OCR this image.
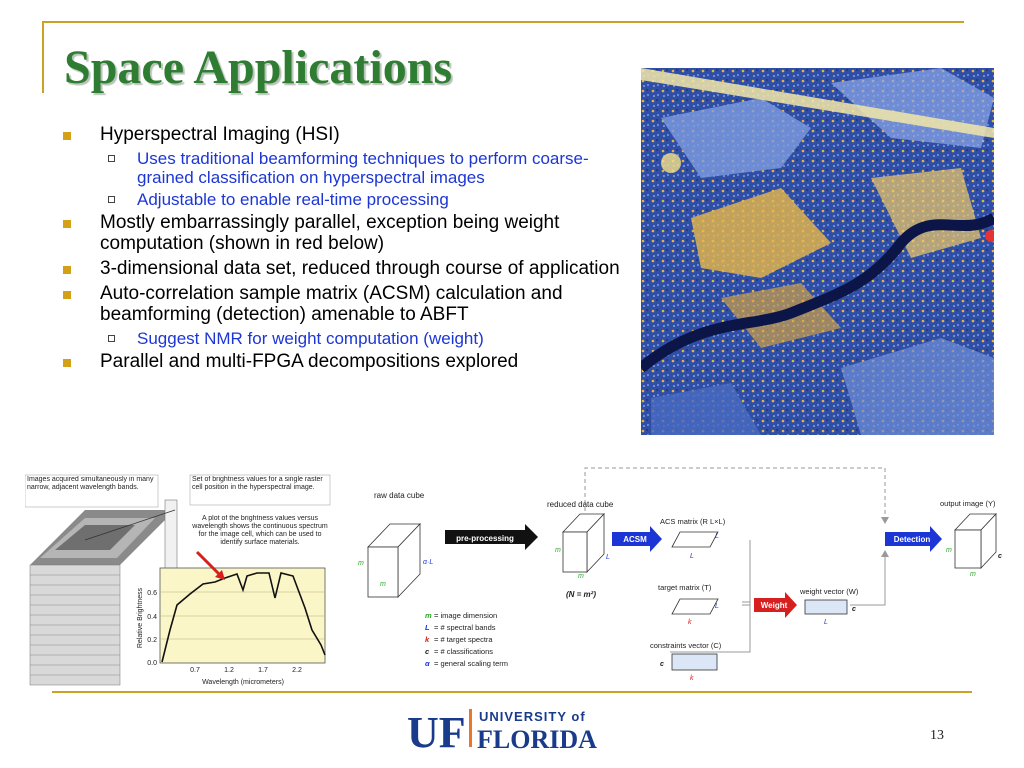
Space Applications
Hyperspectral Imaging (HSI)
Uses traditional beamforming techniques to perform coarse-grained classification on hyperspectral images
Adjustable to enable real-time processing
Mostly embarrassingly parallel, exception being weight computation (shown in red below)
3-dimensional data set, reduced through course of application
Auto-correlation sample matrix (ACSM) calculation and beamforming (detection) amenable to ABFT
Suggest NMR for weight computation (weight)
Parallel and multi-FPGA decompositions explored
Images acquired simultaneously in many narrow, adjacent wavelength bands.
Set of brightness values for a single raster cell position in the hyperspectral image.
A plot of the brightness values versus wavelength shows the continuous spectrum for the image cell, which can be used to identify surface materials.
0.0
0.2
0.4
0.6
0.7	1.2	1.7	2.2
Wavelength (micrometers)
Relative Brightness
raw data cube
m
m
α·L
pre-processing
reduced data cube
m
L
m
(N = m²)
ACSM
ACS matrix (R L×L)
L
L
target matrix (T)
L
k
constraints vector (C)
c
k
Weight
weight vector (W)
c
L
Detection
output image (Y)
m
c
m
m = image dimension
L = # spectral bands
k = # target spectra
c = # classifications
α = general scaling term
UF UNIVERSITY of
FLORIDA	13
